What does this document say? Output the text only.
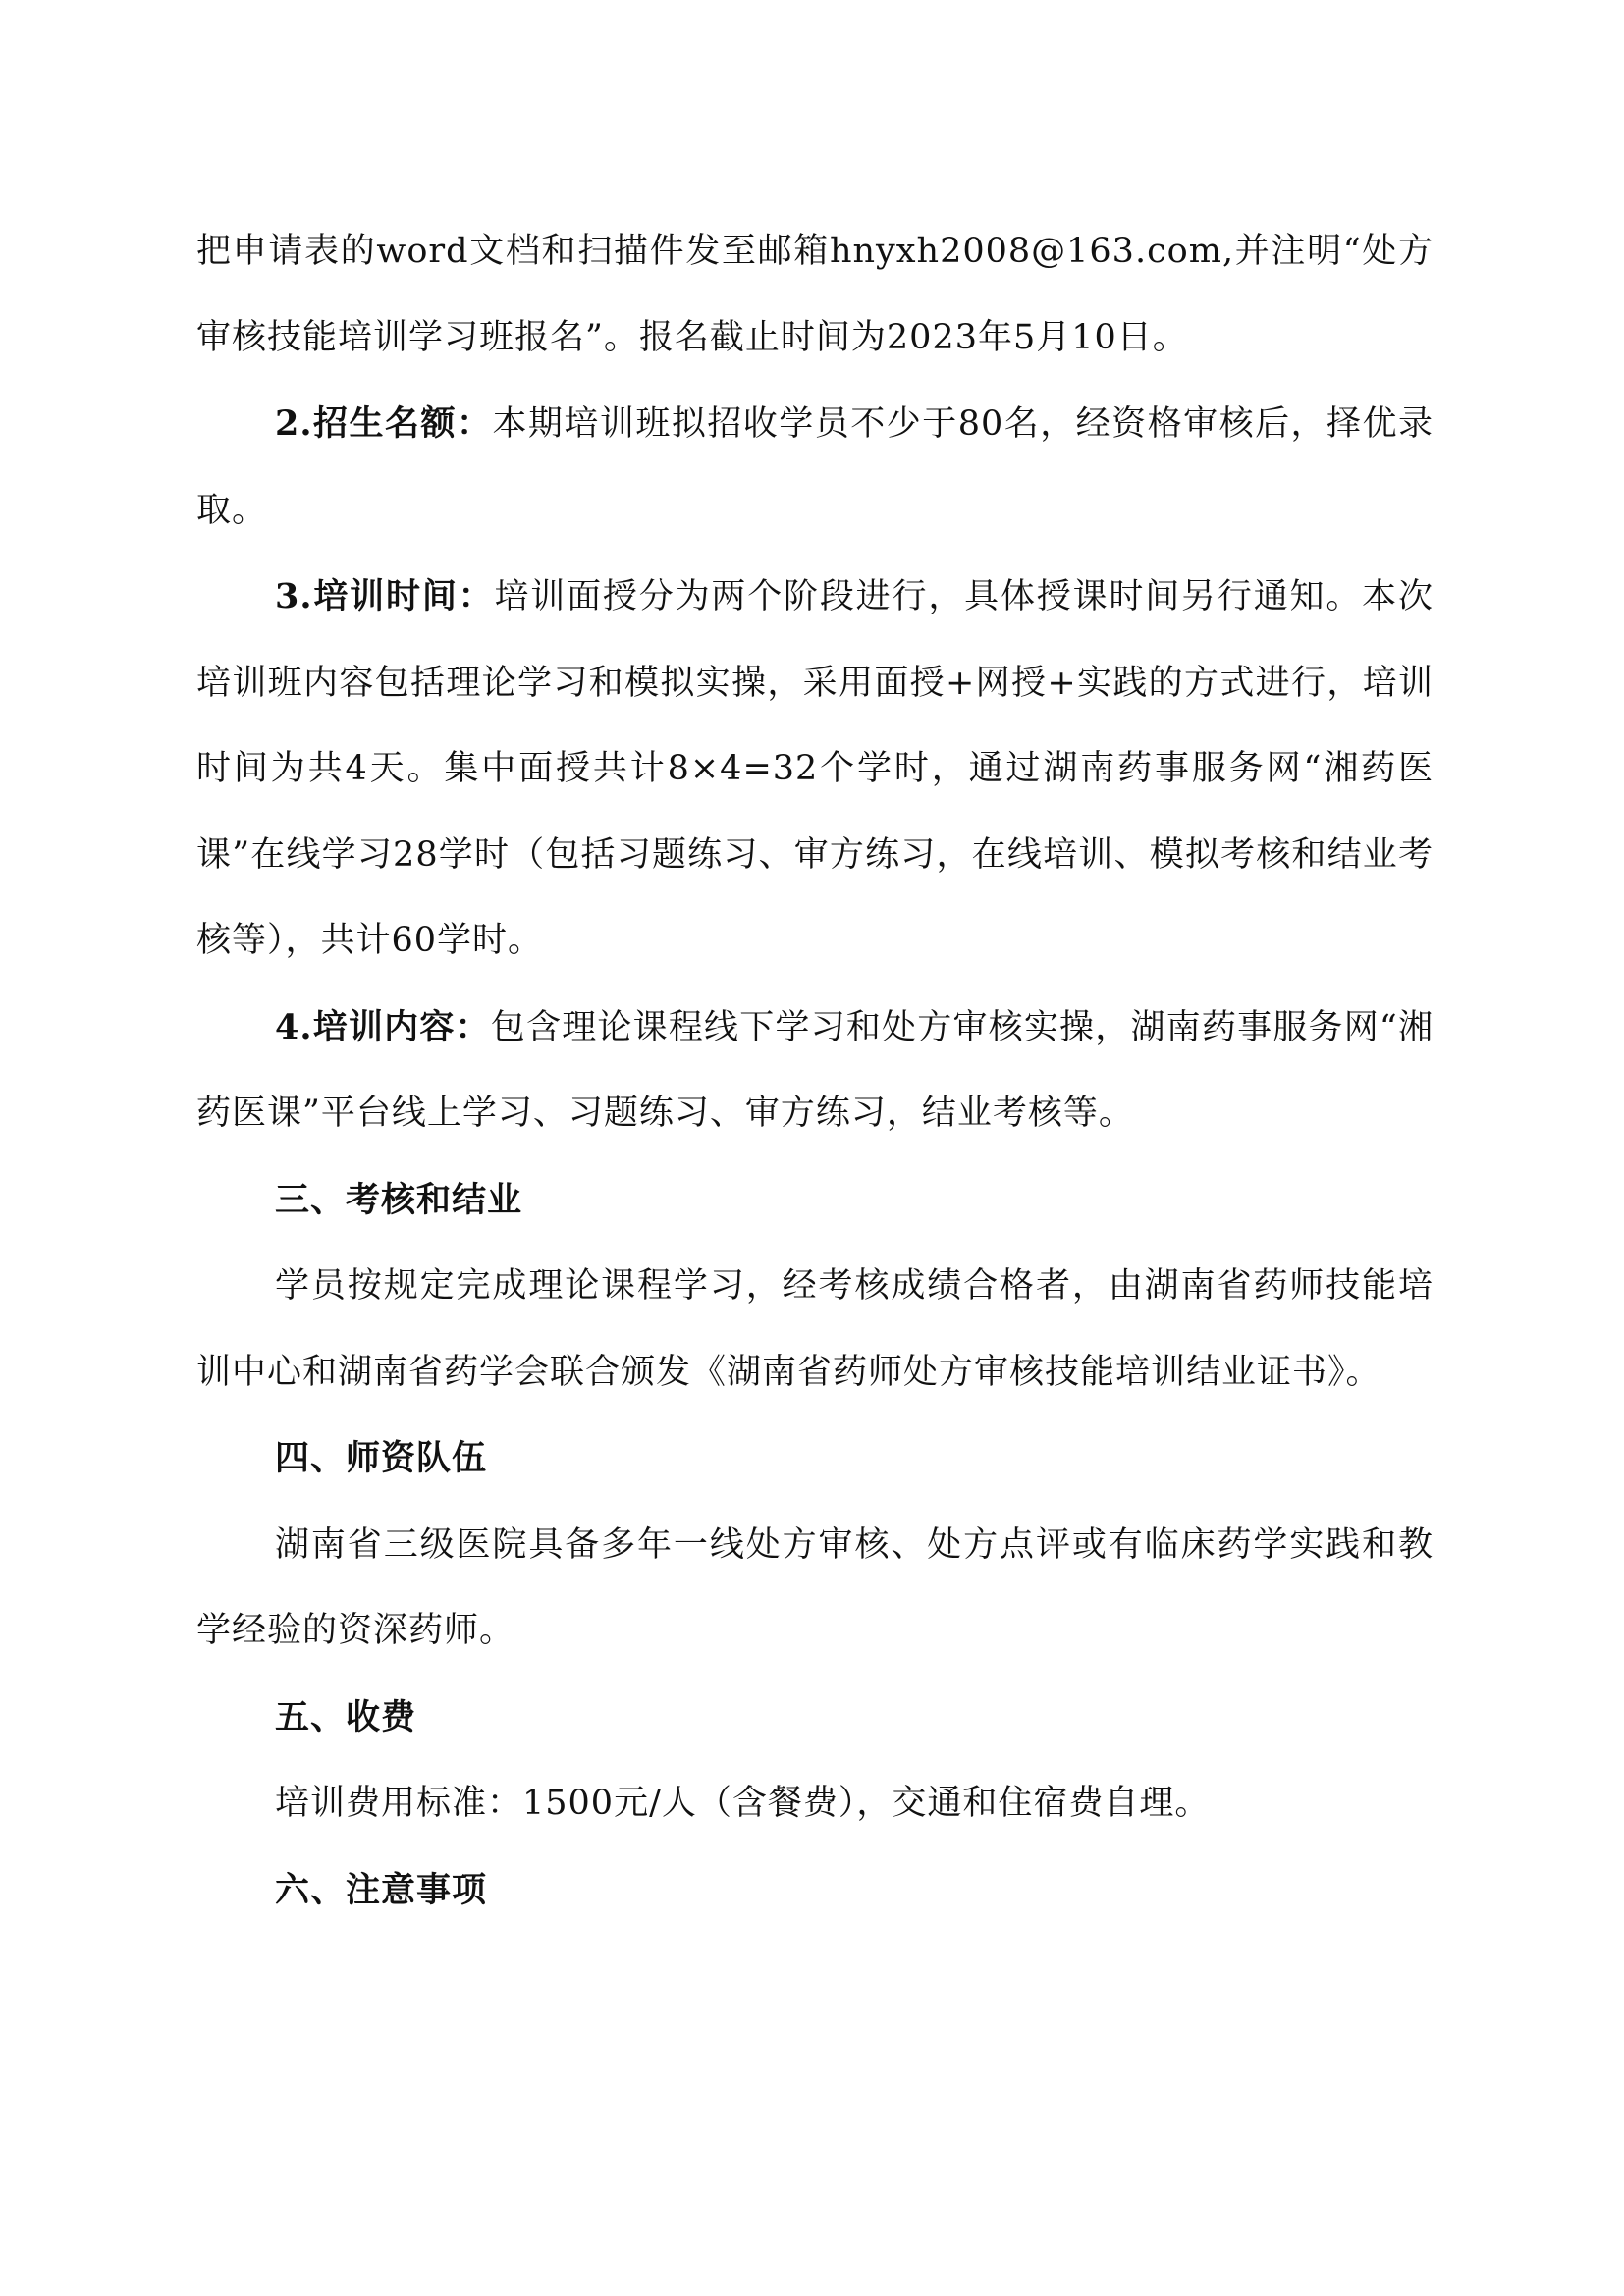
把申请表的word文档和扫描件发至邮箱hnyxh2008@163.com,并注明“处方审核技能培训学习班报名”。报名截止时间为2023年5月10日。

2.招生名额：本期培训班拟招收学员不少于80名，经资格审核后，择优录取。

3.培训时间：培训面授分为两个阶段进行，具体授课时间另行通知。本次培训班内容包括理论学习和模拟实操，采用面授+网授+实践的方式进行，培训时间为共4天。集中面授共计8×4=32个学时，通过湖南药事服务网“湘药医课”在线学习28学时（包括习题练习、审方练习，在线培训、模拟考核和结业考核等），共计60学时。

4.培训内容：包含理论课程线下学习和处方审核实操，湖南药事服务网“湘药医课”平台线上学习、习题练习、审方练习，结业考核等。

三、考核和结业

学员按规定完成理论课程学习，经考核成绩合格者，由湖南省药师技能培训中心和湖南省药学会联合颁发《湖南省药师处方审核技能培训结业证书》。

四、师资队伍

湖南省三级医院具备多年一线处方审核、处方点评或有临床药学实践和教学经验的资深药师。

五、收费

培训费用标准：1500元/人（含餐费），交通和住宿费自理。

六、注意事项
